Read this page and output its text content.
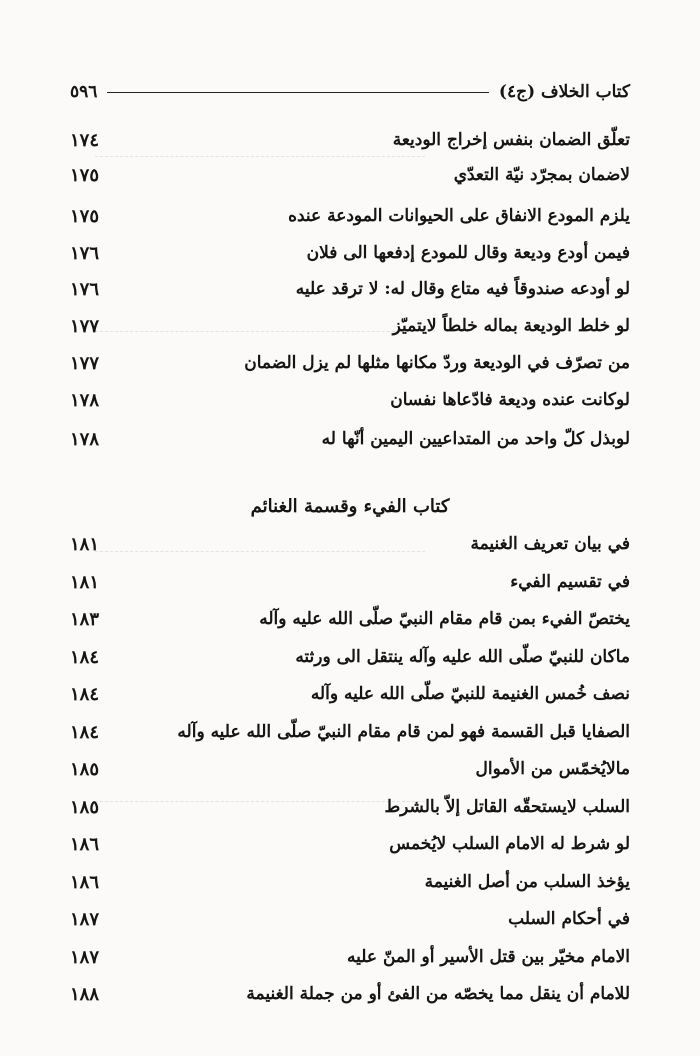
كتاب الخلاف (ج٤)
٥٩٦
تعلّق الضمان بنفس إخراج الوديعة
١٧٤
لاضمان بمجرّد نيّة التعدّي
١٧٥
يلزم المودع الانفاق على الحيوانات المودعة عنده
١٧٥
فيمن أودع وديعة وقال للمودع إدفعها الى فلان
١٧٦
لو أودعه صندوقاً فيه متاع وقال له: لا ترقد عليه
١٧٦
لو خلط الوديعة بماله خلطاً لايتميّز
١٧٧
من تصرّف في الوديعة وردّ مكانها مثلها لم يزل الضمان
١٧٧
لوكانت عنده وديعة فادّعاها نفسان
١٧٨
لوبذل كلّ واحد من المتداعيين اليمين أنّها له
١٧٨
كتاب الفيء وقسمة الغنائم
في بيان تعريف الغنيمة
١٨١
في تقسيم الفيء
١٨١
يختصّ الفيء بمن قام مقام النبيّ صلّى الله عليه وآله
١٨٣
ماكان للنبيّ صلّى الله عليه وآله ينتقل الى ورثته
١٨٤
نصف خُمس الغنيمة للنبيّ صلّى الله عليه وآله
١٨٤
الصفايا قبل القسمة فهو لمن قام مقام النبيّ صلّى الله عليه وآله
١٨٤
مالايُخمّس من الأموال
١٨٥
السلب لايستحقّه القاتل إلاّ بالشرط
١٨٥
لو شرط له الامام السلب لايُخمس
١٨٦
يؤخذ السلب من أصل الغنيمة
١٨٦
في أحكام السلب
١٨٧
الامام مخيّر بين قتل الأسير أو المنّ عليه
١٨٧
للامام أن ينقل مما يخصّه من الفئ أو من جملة الغنيمة
١٨٨
